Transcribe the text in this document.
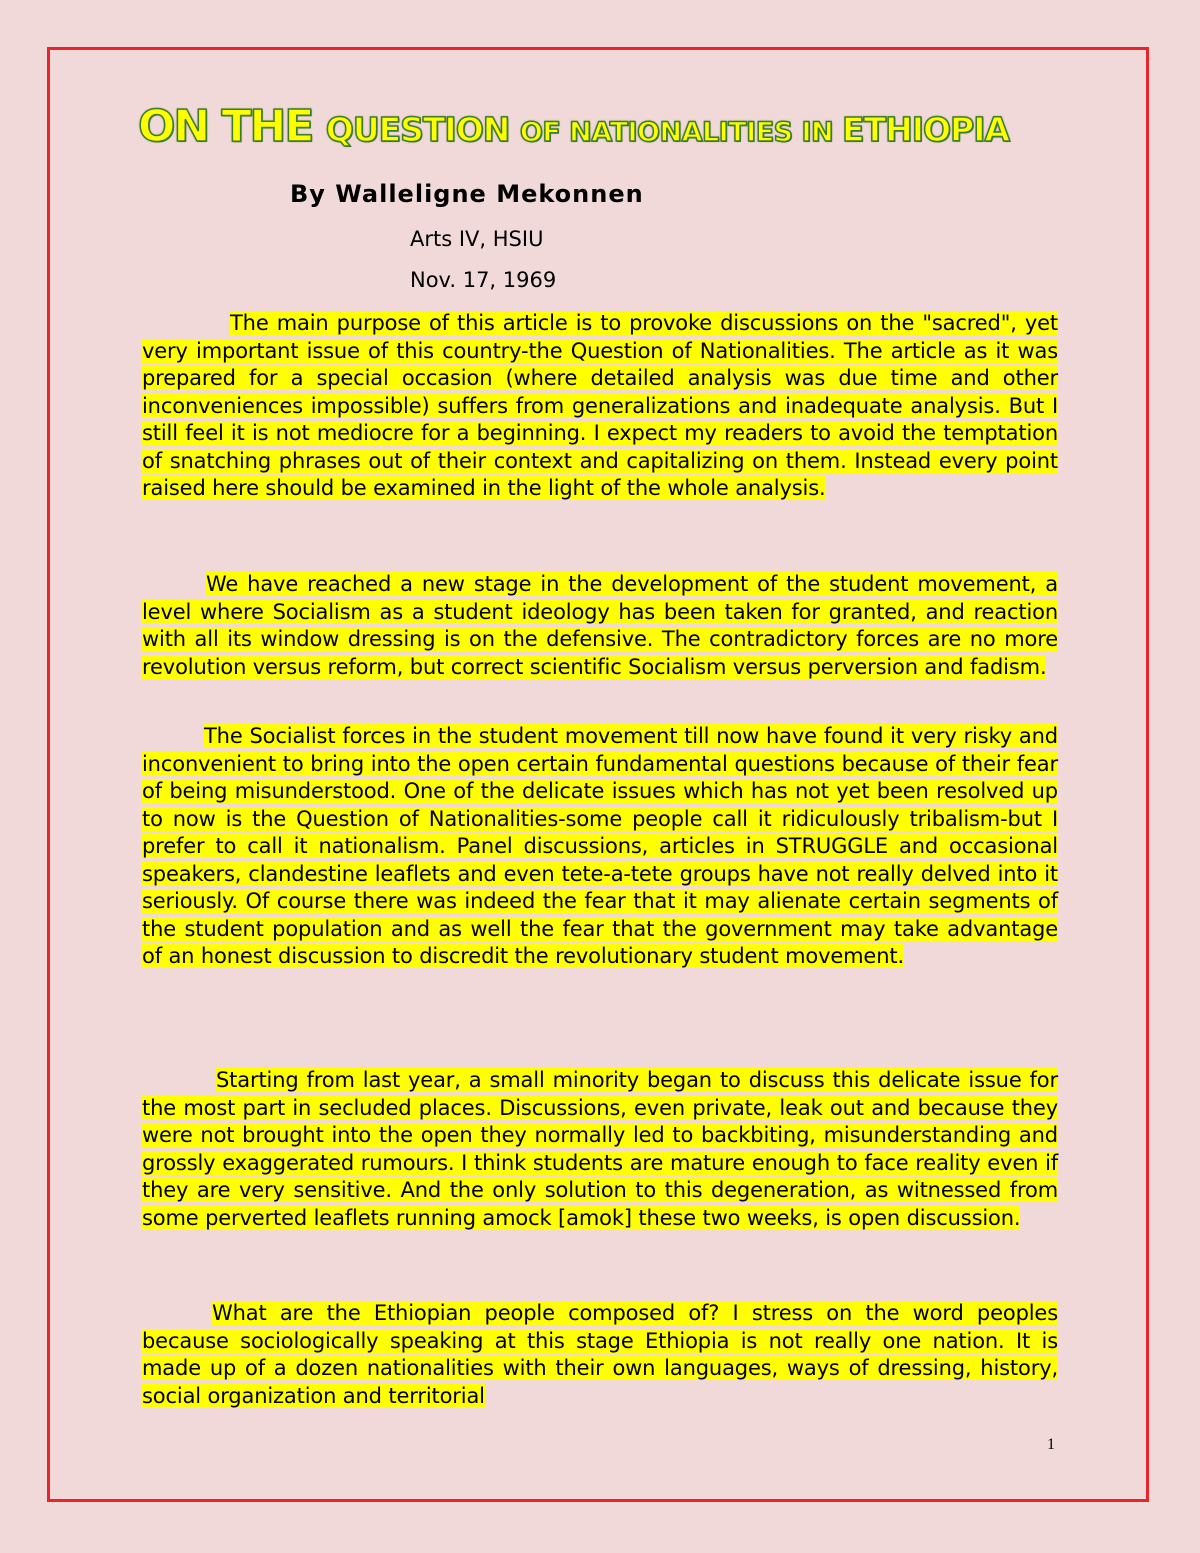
ON THE QUESTION OF NATIONALITIES IN ETHIOPIA
By Walleligne Mekonnen
Arts IV, HSIU
Nov. 17, 1969
The main purpose of this article is to provoke discussions on the "sacred", yet very important issue of this country-the Question of Nationalities. The article as it was prepared for a special occasion (where detailed analysis was due time and other inconveniences impossible) suffers from generalizations and inadequate analysis. But I still feel it is not mediocre for a beginning. I expect my readers to avoid the temptation of snatching phrases out of their context and capitalizing on them. Instead every point raised here should be examined in the light of the whole analysis.
We have reached a new stage in the development of the student movement, a level where Socialism as a student ideology has been taken for granted, and reaction with all its window dressing is on the defensive. The contradictory forces are no more revolution versus reform, but correct scientific Socialism versus perversion and fadism.
The Socialist forces in the student movement till now have found it very risky and inconvenient to bring into the open certain fundamental questions because of their fear of being misunderstood. One of the delicate issues which has not yet been resolved up to now is the Question of Nationalities-some people call it ridiculously tribalism-but I prefer to call it nationalism. Panel discussions, articles in STRUGGLE and occasional speakers, clandestine leaflets and even tete-a-tete groups have not really delved into it seriously. Of course there was indeed the fear that it may alienate certain segments of the student population and as well the fear that the government may take advantage of an honest discussion to discredit the revolutionary student movement.
Starting from last year, a small minority began to discuss this delicate issue for the most part in secluded places. Discussions, even private, leak out and because they were not brought into the open they normally led to backbiting, misunderstanding and grossly exaggerated rumours. I think students are mature enough to face reality even if they are very sensitive. And the only solution to this degeneration, as witnessed from some perverted leaflets running amock [amok] these two weeks, is open discussion.
What are the Ethiopian people composed of? I stress on the word peoples because sociologically speaking at this stage Ethiopia is not really one nation. It is made up of a dozen nationalities with their own languages, ways of dressing, history, social organization and territorial
1
